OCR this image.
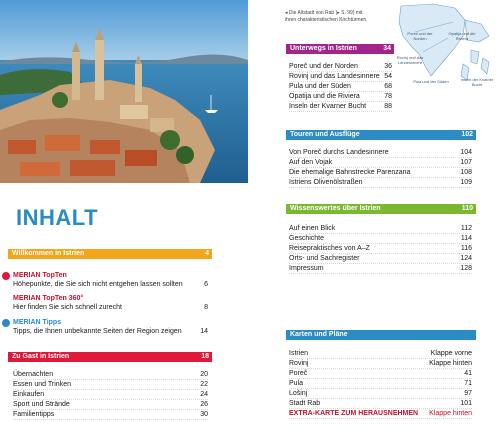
◂ Die Altstadt von Rab (▸ S. 99) mit ihren charakteristischen Kirchtürmen.
Poreč und der Norden
Opatija und die Riviera
Rovinj und das Landesinnere
Pula und der Süden	Inseln der Kvarner Bucht
INHALT
Willkommen in Istrien	4
MERIAN TopTen
Höhepunkte, die Sie sich nicht entgehen lassen sollten	6
MERIAN TopTen 360°
Hier finden Sie sich schnell zurecht	8
MERIAN Tipps
Tipps, die Ihnen unbekannte Seiten der Region zeigen	14
Zu Gast in Istrien	18
Übernachten	20
Essen und Trinken	22
Einkaufen	24
Sport und Strände	26
Familientipps	30
Unterwegs in Istrien	34
Poreč und der Norden	36
Rovinj und das Landesinnere 54
Pula und der Süden	68
Opatija und die Riviera	78
Inseln der Kvarner Bucht	88
Touren und Ausflüge	102
Von Poreč durchs Landesinnere	104
Auf den Vojak	107
Die ehemalige Bahnstrecke Parenzana	108
Istriens Olivenölstraßen	109
Wissenswertes über Istrien	110
Auf einen Blick	112
Geschichte	114
Reisepraktisches von A–Z	116
Orts- und Sachregister	124
Impressum	128
Karten und Pläne
Istrien	Klappe vorne
Rovinj	Klappe hinten
Poreč	41
Pula	71
Lošinj	97
Stadt Rab	101
EXTRA-KARTE ZUM HERAUSNEHMEN Klappe hinten
